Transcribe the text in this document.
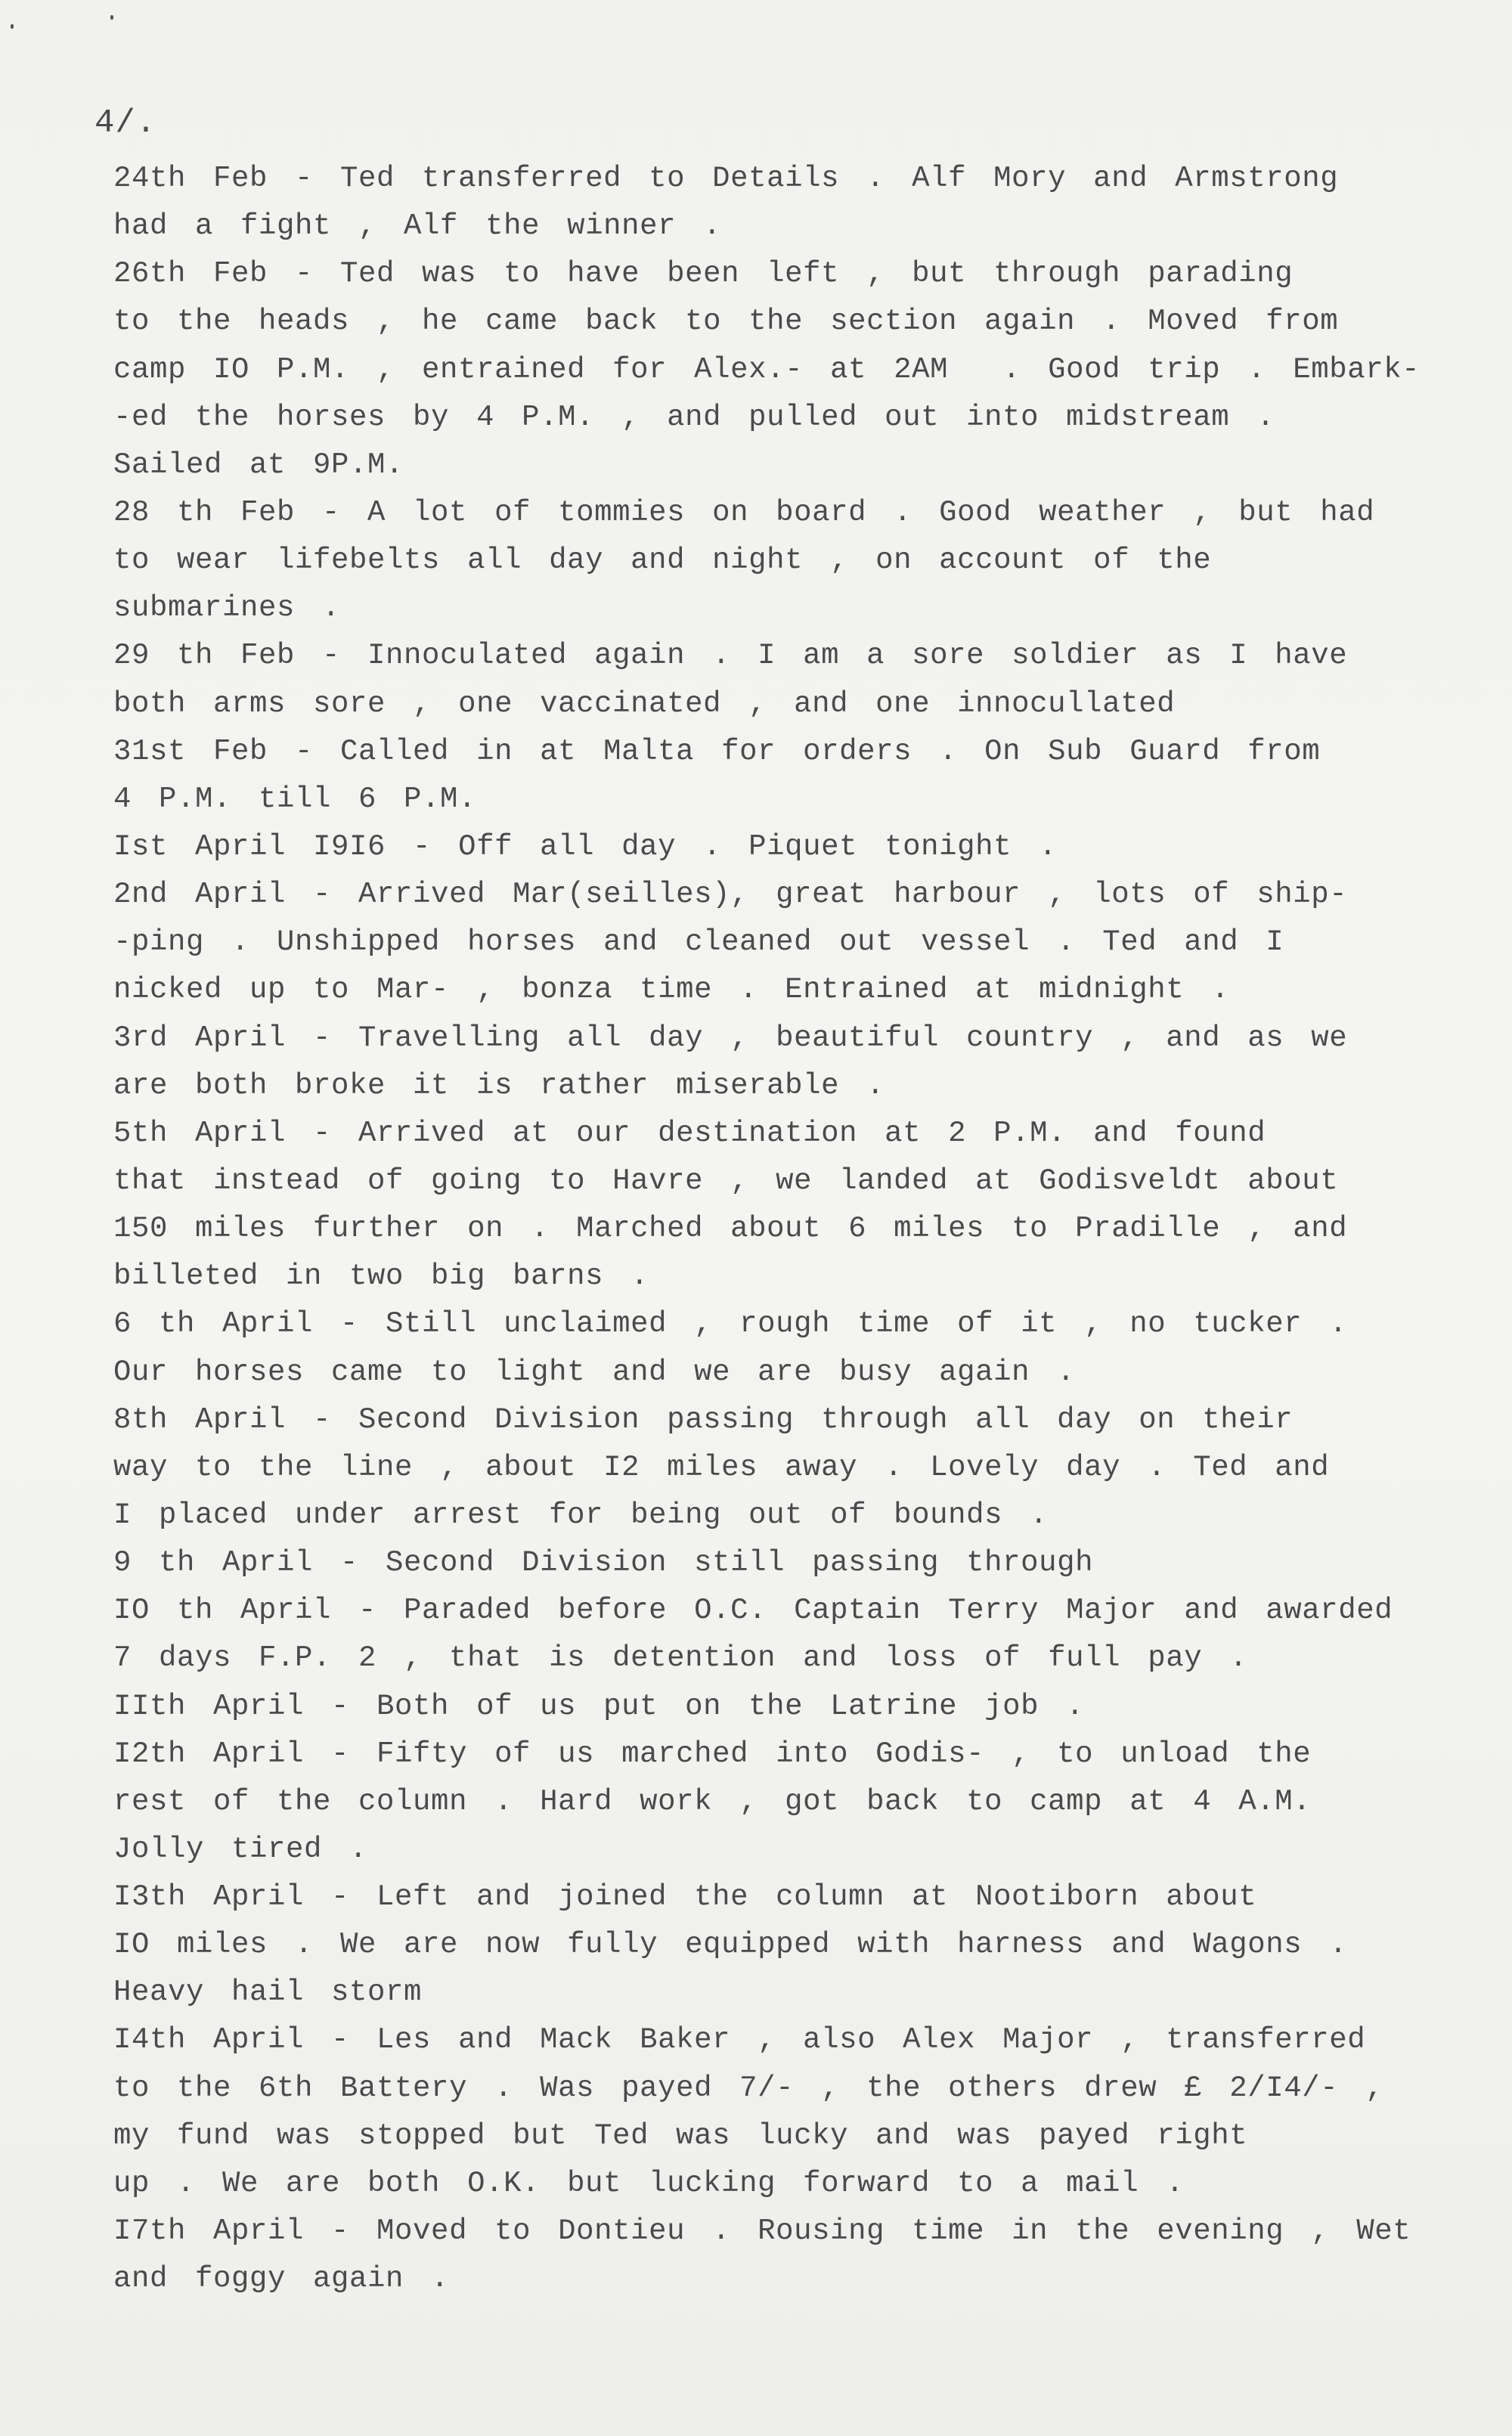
4/.
24th Feb - Ted transferred to Details . Alf Mory and Armstrong
had a fight , Alf the winner .
26th Feb - Ted was to have been left , but through parading
to the heads , he came back to the section again . Moved from
camp IO P.M. , entrained for Alex.- at 2AM  . Good trip . Embark-
-ed the horses by 4 P.M. , and pulled out into midstream .
Sailed at 9P.M.
28 th Feb - A lot of tommies on board . Good weather , but had
to wear lifebelts all day and night , on account of the
submarines .
29 th Feb - Innoculated again . I am a sore soldier as I have
both arms sore , one vaccinated , and one innocullated
31st Feb - Called in at Malta for orders . On Sub Guard from
4 P.M. till 6 P.M.
Ist April I9I6 - Off all day . Piquet tonight .
2nd April - Arrived Mar(seilles), great harbour , lots of ship-
-ping . Unshipped horses and cleaned out vessel . Ted and I
nicked up to Mar- , bonza time . Entrained at midnight .
3rd April - Travelling all day , beautiful country , and as we
are both broke it is rather miserable .
5th April - Arrived at our destination at 2 P.M. and found
that instead of going to Havre , we landed at Godisveldt about
150 miles further on . Marched about 6 miles to Pradille , and
billeted in two big barns .
6 th April - Still unclaimed , rough time of it , no tucker .
Our horses came to light and we are busy again .
8th April - Second Division passing through all day on their
way to the line , about I2 miles away . Lovely day . Ted and
I placed under arrest for being out of bounds .
9 th April - Second Division still passing through
IO th April - Paraded before O.C. Captain Terry Major and awarded
7 days F.P. 2 , that is detention and loss of full pay .
IIth April - Both of us put on the Latrine job .
I2th April - Fifty of us marched into Godis- , to unload the
rest of the column . Hard work , got back to camp at 4 A.M.
Jolly tired .
I3th April - Left and joined the column at Nootiborn about
IO miles . We are now fully equipped with harness and Wagons .
Heavy hail storm
I4th April - Les and Mack Baker , also Alex Major , transferred
to the 6th Battery . Was payed 7/- , the others drew £ 2/I4/- ,
my fund was stopped but Ted was lucky and was payed right
up . We are both O.K. but lucking forward to a mail .
I7th April - Moved to Dontieu . Rousing time in the evening , Wet
and foggy again .
